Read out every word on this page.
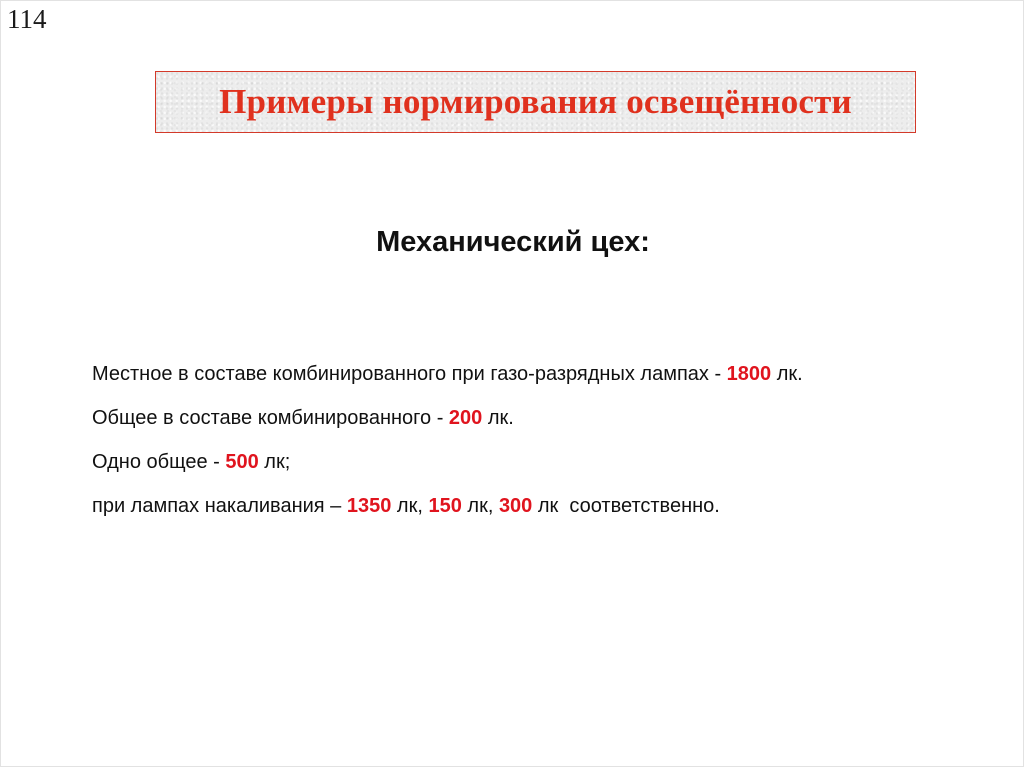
114
Примеры нормирования освещённости
Механический цех:

Местное в составе комбинированного при газо-разрядных лампах - 1800 лк.

Общее в составе комбинированного - 200 лк.

Одно общее - 500 лк;

при лампах накаливания – 1350 лк, 150 лк, 300 лк  соответственно.
